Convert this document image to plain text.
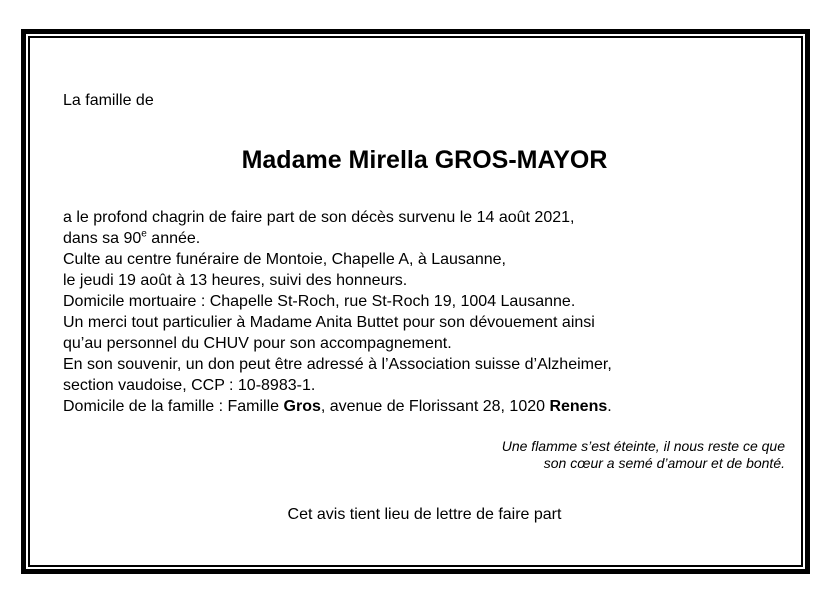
La famille de
Madame Mirella GROS-MAYOR
a le profond chagrin de faire part de son décès survenu le 14 août 2021,
dans sa 90e année.
Culte au centre funéraire de Montoie, Chapelle A, à Lausanne,
le jeudi 19 août à 13 heures, suivi des honneurs.
Domicile mortuaire : Chapelle St-Roch, rue St-Roch 19, 1004 Lausanne.
Un merci tout particulier à Madame Anita Buttet pour son dévouement ainsi
qu’au personnel du CHUV pour son accompagnement.
En son souvenir, un don peut être adressé à l’Association suisse d’Alzheimer,
section vaudoise, CCP : 10-8983-1.
Domicile de la famille : Famille Gros, avenue de Florissant 28, 1020 Renens.
Une flamme s’est éteinte, il nous reste ce que
son cœur a semé d’amour et de bonté.
Cet avis tient lieu de lettre de faire part
